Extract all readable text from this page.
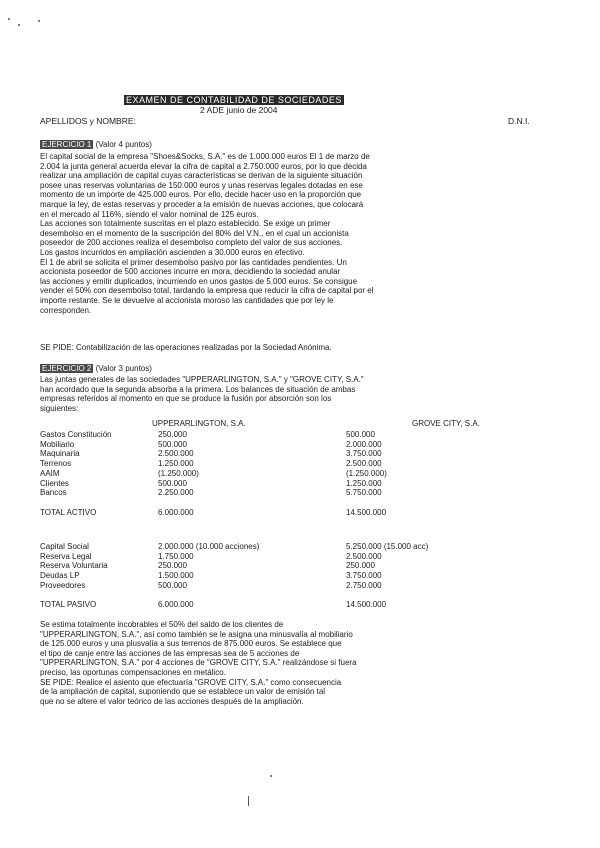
EXAMEN DE CONTABILIDAD DE SOCIEDADES
2 ADE junio de 2004
APELLIDOS y NOMBRE:	D.N.I.
EJERCICIO 1 (Valor 4 puntos)
El capital social de la empresa "Shoes&Socks, S.A." es de 1.000.000 euros El 1 de marzo de
2.004 la junta general acuerda elevar la cifra de capital a 2.750.000 euros, por lo que decida
realizar una ampliación de capital cuyas características se derivan de la siguiente situación
posee unas reservas voluntarias de 150.000 euros y unas reservas legales dotadas en ese
momento de un importe de 425.000 euros. Por ello, decide hacer uso en la proporción que
marque la ley, de estas reservas y proceder a la emisión de nuevas acciones, que colocará
en el mercado al 116%, siendo el valor nominal de 125 euros.
Las acciones son totalmente suscritas en el plazo establecido. Se exige un primer
desembolso en el momento de la suscripción del 80% del V.N., en el cual un accionista
poseedor de 200 acciones realiza el desembolso completo del valor de sus acciones.
Los gastos incurridos en ampliación ascienden a 30.000 euros en efectivo.
El 1 de abril se solicita el primer desembolso pasivo por las cantidades pendientes. Un
accionista poseedor de 500 acciones incurre en mora, decidiendo la sociedad anular
las acciones y emitir duplicados, incurriendo en unos gastos de 5.000 euros. Se consigue
vender el 50% con desembolso total, tardando la empresa que reducir la cifra de capital por el
importe restante. Se le devuelve al accionista moroso las cantidades que por ley le
corresponden.
SE PIDE: Contabilización de las operaciones realizadas por la Sociedad Anónima.
EJERCICIO 2 (Valor 3 puntos)
Las juntas generales de las sociedades "UPPERARLINGTON, S.A." y "GROVE CITY, S.A."
han acordado que la segunda absorba a la primera. Los balances de situación de ambas
empresas referidos al momento en que se produce la fusión por absorción son los
siguientes:
UPPERARLINGTON, S.A.	GROVE CITY, S.A.
Gastos Constitución	250.000	500.000
Mobiliario	500.000	2.000.000
Maquinaria	2.500.000	3.750.000
Terrenos	1.250.000	2.500.000
AAIM	(1.250.000)	(1.250.000)
Clientes	500.000	1.250.000
Bancos	2.250.000	5.750.000

TOTAL ACTIVO	6.000.000	14.500.000
Capital Social	2.000.000 (10.000 acciones)	5.250.000 (15.000 acc)
Reserva Legal	1.750.000	2.500.000
Reserva Voluntaria	250.000	250.000
Deudas LP	1.500.000	3.750.000
Proveedores	500.000	2.750.000

TOTAL PASIVO	6.000.000	14.500.000
Se estima totalmente incobrables el 50% del saldo de los clientes de
"UPPERARLINGTON, S.A.", así como también se le asigna una minusvalía al mobiliario
de 125.000 euros y una plusvalía a sus terrenos de 875.000 euros. Se establece que
el tipo de canje entre las acciones de las empresas sea de 5 acciones de
"UPPERARLINGTON, S.A." por 4 acciones de "GROVE CITY, S.A." realizándose si fuera
preciso, las oportunas compensaciones en metálico.
SE PIDE: Realice el asiento que efectuaría "GROVE CITY, S.A." como consecuencia
de la ampliación de capital, suponiendo que se establece un valor de emisión tal
que no se altere el valor teórico de las acciones después de la ampliación.
